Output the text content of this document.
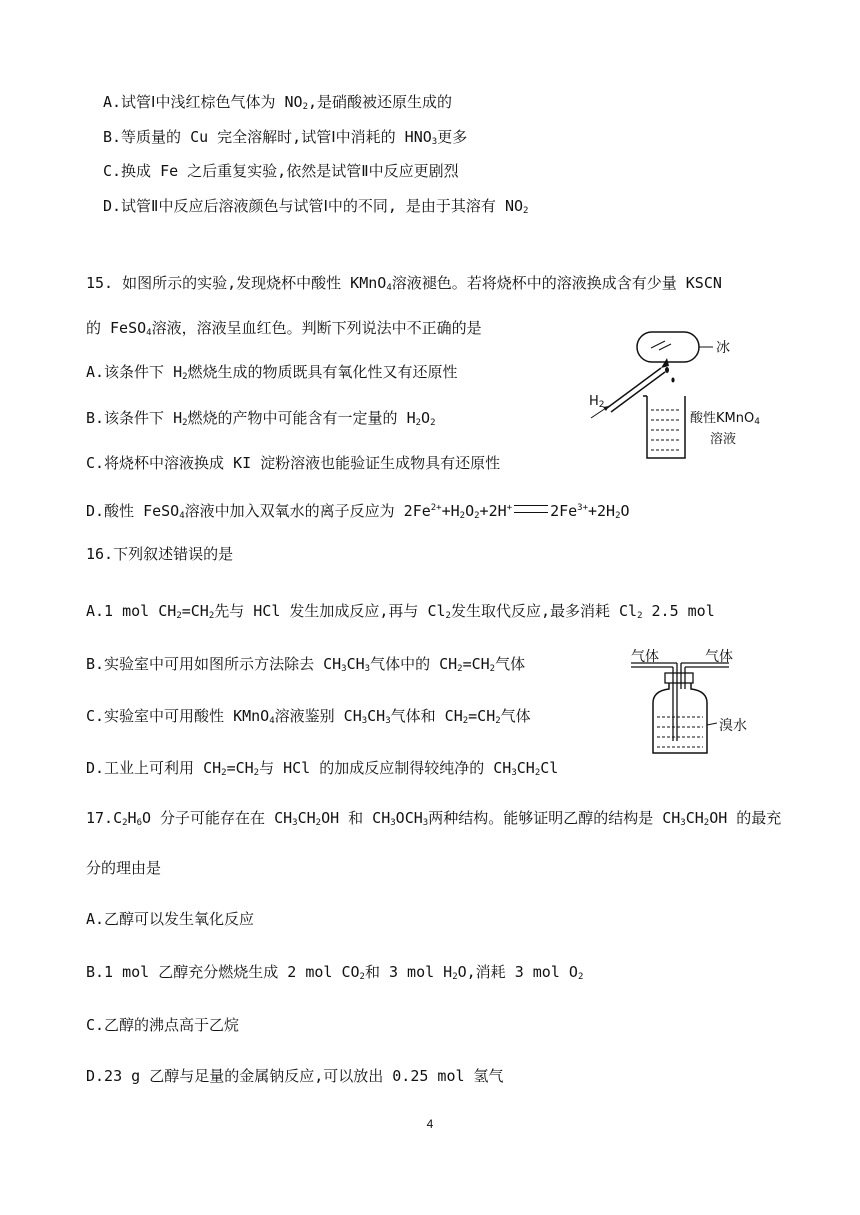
A.试管Ⅰ中浅红棕色气体为 $NO_2$,是硝酸被还原生成的
B.等质量的 Cu 完全溶解时,试管Ⅰ中消耗的 $HNO_3$更多
C.换成 Fe 之后重复实验,依然是试管Ⅱ中反应更剧烈
D.试管Ⅱ中反应后溶液颜色与试管Ⅰ中的不同, 是由于其溶有 $NO_2$
15. 如图所示的实验,发现烧杯中酸性 KMnO$_4$溶液褪色。若将烧杯中的溶液换成含有少量 KSCN
的 FeSO$_4$溶液，溶液呈血红色。判断下列说法中不正确的是
A.该条件下 $H_2$燃烧生成的物质既具有氧化性又有还原性
B.该条件下 $H_2$燃烧的产物中可能含有一定量的 $H_2O_2$
C.将烧杯中溶液换成 KI 淀粉溶液也能验证生成物具有还原性
D.酸性 FeSO$_4$溶液中加入双氧水的离子反应为 $2Fe^{2+}+H_2O_2+2H^+$	$2Fe^{3+}+2H_2O$
冰
$H_2$
酸性KMnO$_4$
溶液
16.下列叙述错误的是
A.1 mol $CH_2=CH_2$先与 HCl 发生加成反应,再与 $Cl_2$发生取代反应,最多消耗 $Cl_2$ 2.5 mol
B.实验室中可用如图所示方法除去 $CH_3CH_3$气体中的 $CH_2=CH_2$气体
C.实验室中可用酸性 KMnO$_4$溶液鉴别 $CH_3CH_3$气体和 $CH_2=CH_2$气体
D.工业上可利用 $CH_2=CH_2$与 HCl 的加成反应制得较纯净的 $CH_3CH_2Cl$
气体	气体
溴水
$17.C_2H_6O$ 分子可能存在在 $CH_3CH_2OH$ 和 $CH_3OCH_3$两种结构。能够证明乙醇的结构是 $CH_3CH_2OH$ 的最充
分的理由是
A.乙醇可以发生氧化反应
B.1 mol 乙醇充分燃烧生成 2 mol $CO_2$和 3 mol $H_2O$,消耗 3 mol $O_2$
C.乙醇的沸点高于乙烷
D.23 g 乙醇与足量的金属钠反应,可以放出 0.25 mol 氢气
4
